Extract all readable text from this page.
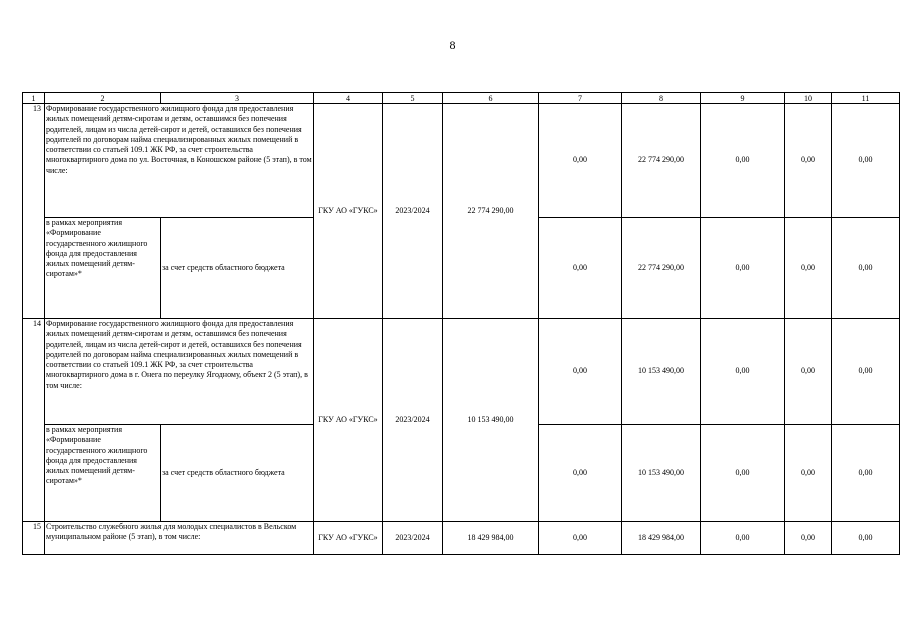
8
1	2	3	4	5	6	7	8	9	10	11
13	Формирование государственного жилищного фонда для предоставления жилых помещений детям-сиротам и детям, оставшимся без попечения родителей, лицам из числа детей-сирот и детей, оставшихся без попечения родителей по договорам найма специализированных жилых помещений в соответствии со статьей 109.1 ЖК РФ, за счет строительства многоквартирного дома по ул. Восточная, в Коношском районе (5 этап), в том числе:		ГКУ АО «ГУКС»	2023/2024	22 774 290,00	0,00	22 774 290,00	0,00	0,00	0,00
	в рамках мероприятия «Формирование государственного жилищного фонда для предоставления жилых помещений детям-сиротам»*	за счет средств областного бюджета				0,00	22 774 290,00	0,00	0,00	0,00
14	Формирование государственного жилищного фонда для предоставления жилых помещений детям-сиротам и детям, оставшимся без попечения родителей, лицам из числа детей-сирот и детей, оставшихся без попечения родителей по договорам найма специализированных жилых помещений в соответствии со статьей 109.1 ЖК РФ, за счет строительства многоквартирного дома в г. Онега по переулку Ягодному, объект 2 (5 этап), в том числе:		ГКУ АО «ГУКС»	2023/2024	10 153 490,00	0,00	10 153 490,00	0,00	0,00	0,00
	в рамках мероприятия «Формирование государственного жилищного фонда для предоставления жилых помещений детям-сиротам»*	за счет средств областного бюджета				0,00	10 153 490,00	0,00	0,00	0,00
15	Строительство служебного жилья для молодых специалистов в Вельском муниципальном районе (5 этап), в том числе:		ГКУ АО «ГУКС»	2023/2024	18 429 984,00	0,00	18 429 984,00	0,00	0,00	0,00
